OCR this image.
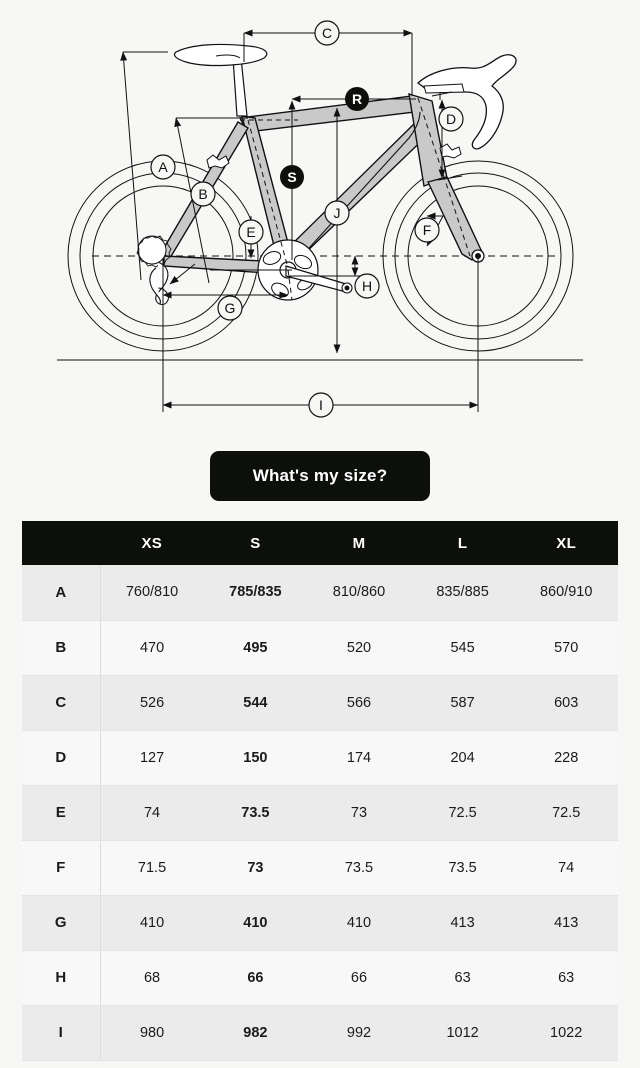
A
B
C
D
E	F
G
H
I
J
R
S
What's my size?
	XS	S	M	L	XL
A	760/810	785/835	810/860	835/885	860/910
B	470	495	520	545	570
C	526	544	566	587	603
D	127	150	174	204	228
E	74	73.5	73	72.5	72.5
F	71.5	73	73.5	73.5	74
G	410	410	410	413	413
H	68	66	66	63	63
I	980	982	992	1012	1022
